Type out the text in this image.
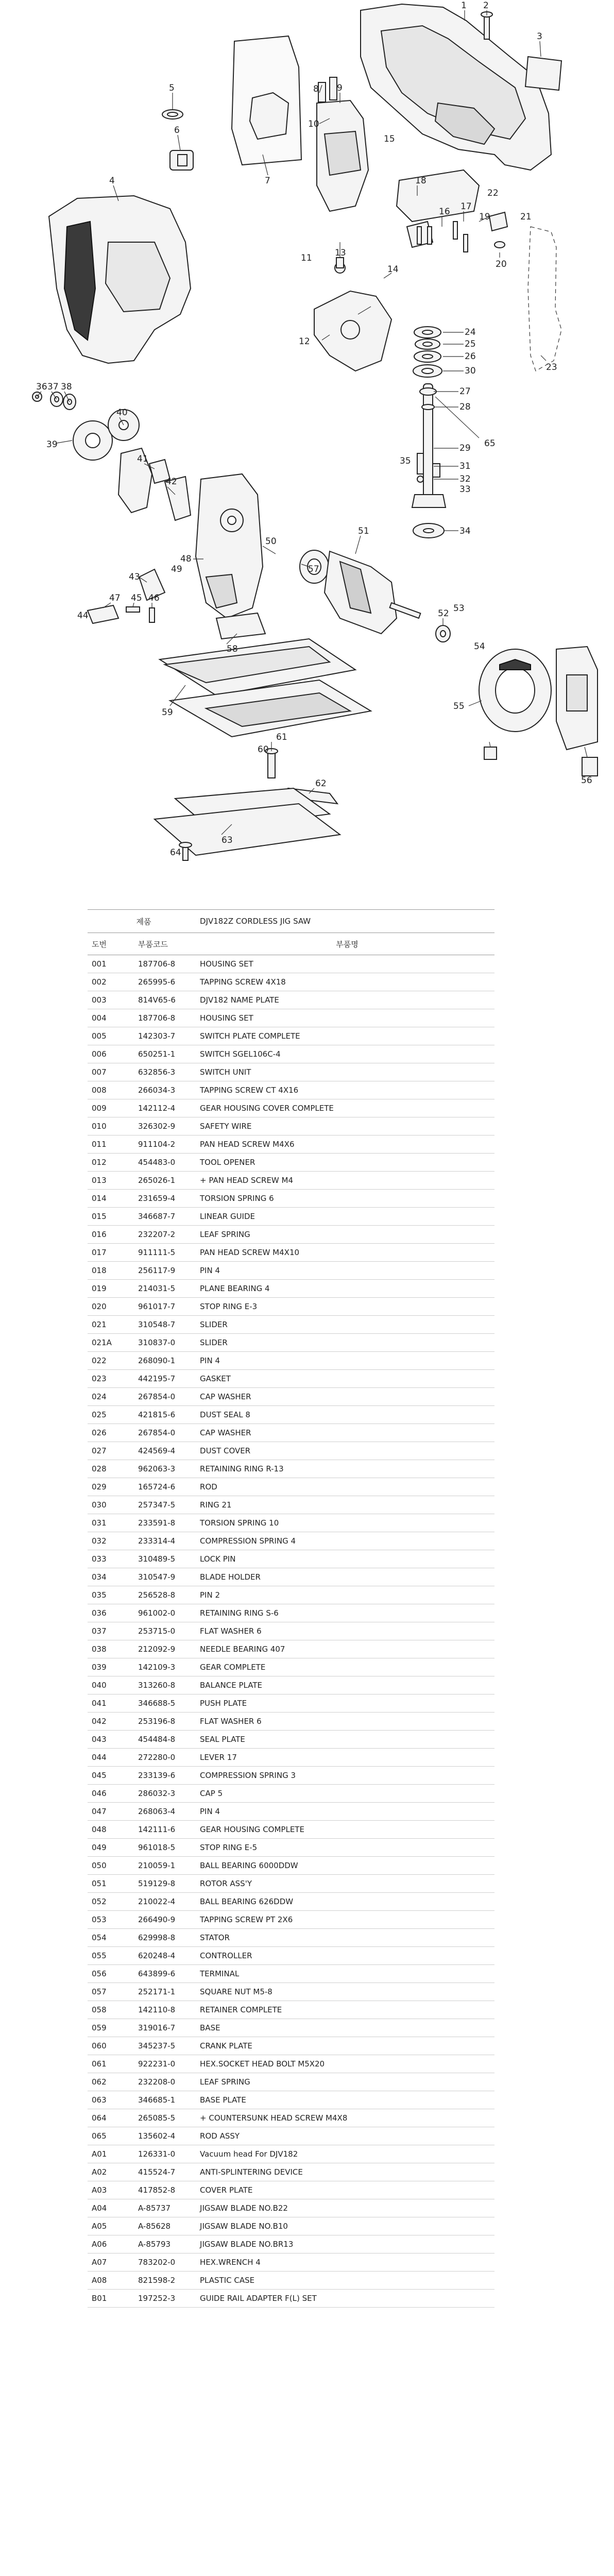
1 2
3
4
5
6
7
8 9
10
11
12
13
14
15
16 17
18
19
20
21
22
23
24
25
26
27
28
29
30
31
32
33
34
35
36 37 38
39
40
41
42
43
44
45 46
47
48
49
50
51
52 53
54
55
56
57
58
59
60
61
62
63
64
65
제품		DJV182Z CORDLESS JIG SAW
도번	부품코드	부품명
001	187706-8	HOUSING SET
002	265995-6	TAPPING SCREW 4X18
003	814V65-6	DJV182 NAME PLATE
004	187706-8	HOUSING SET
005	142303-7	SWITCH PLATE COMPLETE
006	650251-1	SWITCH SGEL106C-4
007	632856-3	SWITCH UNIT
008	266034-3	TAPPING SCREW CT 4X16
009	142112-4	GEAR HOUSING COVER COMPLETE
010	326302-9	SAFETY WIRE
011	911104-2	PAN HEAD SCREW M4X6
012	454483-0	TOOL OPENER
013	265026-1	+ PAN HEAD SCREW M4
014	231659-4	TORSION SPRING 6
015	346687-7	LINEAR GUIDE
016	232207-2	LEAF SPRING
017	911111-5	PAN HEAD SCREW M4X10
018	256117-9	PIN 4
019	214031-5	PLANE BEARING 4
020	961017-7	STOP RING E-3
021	310548-7	SLIDER
021A	310837-0	SLIDER
022	268090-1	PIN 4
023	442195-7	GASKET
024	267854-0	CAP WASHER
025	421815-6	DUST SEAL 8
026	267854-0	CAP WASHER
027	424569-4	DUST COVER
028	962063-3	RETAINING RING R-13
029	165724-6	ROD
030	257347-5	RING 21
031	233591-8	TORSION SPRING 10
032	233314-4	COMPRESSION SPRING 4
033	310489-5	LOCK PIN
034	310547-9	BLADE HOLDER
035	256528-8	PIN 2
036	961002-0	RETAINING RING S-6
037	253715-0	FLAT WASHER 6
038	212092-9	NEEDLE BEARING 407
039	142109-3	GEAR COMPLETE
040	313260-8	BALANCE PLATE
041	346688-5	PUSH PLATE
042	253196-8	FLAT WASHER 6
043	454484-8	SEAL PLATE
044	272280-0	LEVER 17
045	233139-6	COMPRESSION SPRING 3
046	286032-3	CAP 5
047	268063-4	PIN 4
048	142111-6	GEAR HOUSING COMPLETE
049	961018-5	STOP RING E-5
050	210059-1	BALL BEARING 6000DDW
051	519129-8	ROTOR ASS'Y
052	210022-4	BALL BEARING 626DDW
053	266490-9	TAPPING SCREW PT 2X6
054	629998-8	STATOR
055	620248-4	CONTROLLER
056	643899-6	TERMINAL
057	252171-1	SQUARE NUT M5-8
058	142110-8	RETAINER COMPLETE
059	319016-7	BASE
060	345237-5	CRANK PLATE
061	922231-0	HEX.SOCKET HEAD BOLT M5X20
062	232208-0	LEAF SPRING
063	346685-1	BASE PLATE
064	265085-5	+ COUNTERSUNK HEAD SCREW M4X8
065	135602-4	ROD ASSY
A01	126331-0	Vacuum head For DJV182
A02	415524-7	ANTI-SPLINTERING DEVICE
A03	417852-8	COVER PLATE
A04	A-85737	JIGSAW BLADE NO.B22
A05	A-85628	JIGSAW BLADE NO.B10
A06	A-85793	JIGSAW BLADE NO.BR13
A07	783202-0	HEX.WRENCH 4
A08	821598-2	PLASTIC CASE
B01	197252-3	GUIDE RAIL ADAPTER F(L) SET
